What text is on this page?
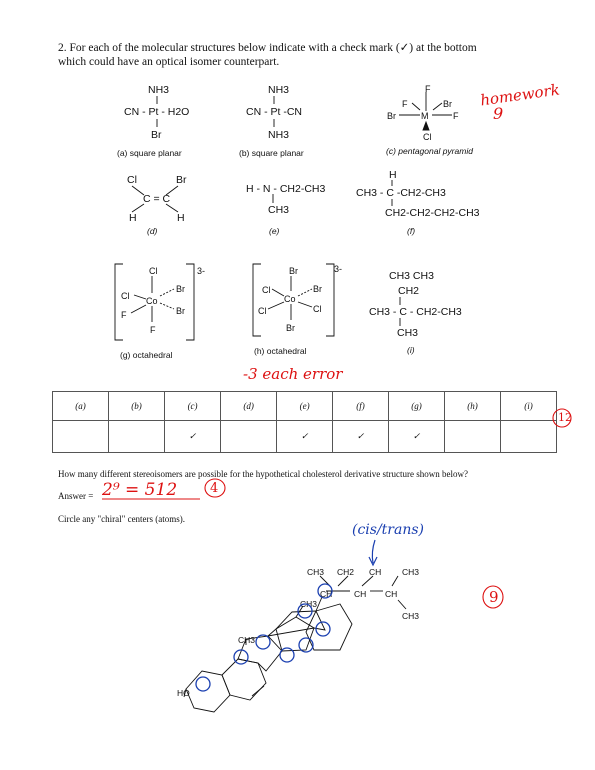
2. For each of the molecular structures below indicate with a check mark (✓) at the bottom
which could have an optical isomer counterpart.
NH3
CN - Pt - H2O
Br
(a) square planar
NH3
CN - Pt -CN
NH3
(b) square planar
F
F	Br
Br	M	F
Cl
(c) pentagonal pyramid
Cl	Br
C = C
H	H
(d)
H - N - CH2-CH3
CH3
(e)
H
CH3 - C -CH2-CH3
CH2-CH2-CH2-CH3
(f)
Cl	3-
Br
Cl Co
Br
F
F
(g) octahedral
Br	3-
Cl	Br
Co
Cl	Cl
Br
(h) octahedral
CH3 CH3
CH2
CH3 - C - CH2-CH3
CH3
(i)
homework
9
-3 each error
(a)	(b)	(c)	(d)	(e)	(f)	(g)	(h)	(i)
		✓		✓	✓	✓		
12
How many different stereoisomers are possible for the hypothetical cholesterol derivative structure shown below?
Answer = 2⁹ = 512	4
Circle any "chiral" centers (atoms).
(cis/trans)
9
CH3 CH2 CH CH3
CH	CH CH
CH3
CH3
CH3
HO
